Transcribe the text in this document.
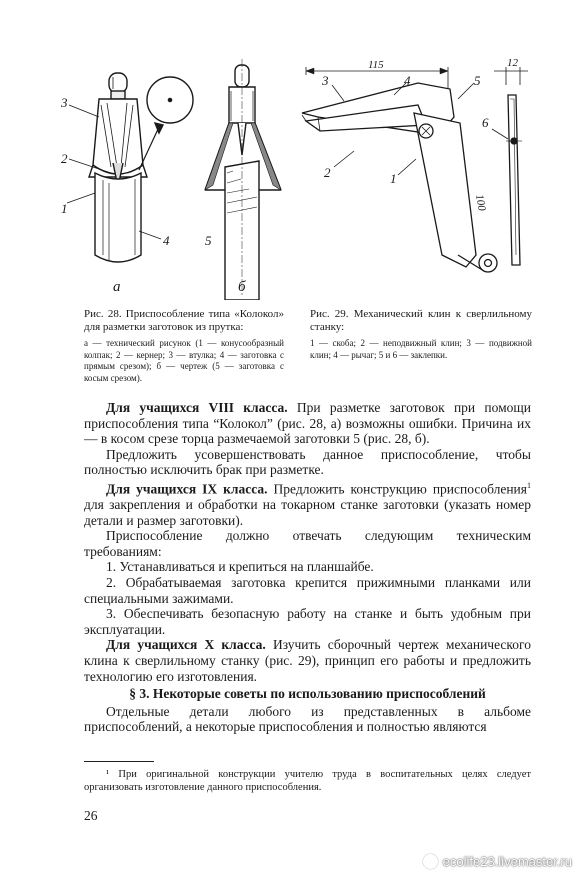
3
2
1
4
а
5
б
115	12
3	4	5
6
2	1
100
Рис. 28. Приспособление типа «Колокол» для разметки заготовок из прутка:
а — технический рисунок (1 — конусообразный колпак; 2 — кернер; 3 — втулка; 4 — заготовка с прямым срезом); б — чертеж (5 — заготовка с косым срезом).
Рис. 29. Механический клин к сверлильному станку:
1 — скоба; 2 — неподвижный клин; 3 — подвижной клин; 4 — рычаг; 5 и 6 — заклепки.

Для учащихся VIII класса. При разметке заготовок при помощи приспособления типа “Колокол” (рис. 28, а) возможны ошибки. Причина их — в косом срезе торца размечаемой заготовки 5 (рис. 28, б).

Предложить усовершенствовать данное приспособление, чтобы полностью исключить брак при разметке.

Для учащихся IX класса. Предложить конструкцию приспособления$^1$ для закрепления и обработки на токарном станке заготовки (указать номер детали и размер заготовки).

Приспособление должно отвечать следующим техническим требованиям:

1. Устанавливаться и крепиться на планшайбе.

2. Обрабатываемая заготовка крепится прижимными планками или специальными зажимами.

3. Обеспечивать безопасную работу на станке и быть удобным при эксплуатации.

Для учащихся X класса. Изучить сборочный чертеж механического клина к сверлильному станку (рис. 29), принцип его работы и предложить технологию его изготовления.

§ 3. Некоторые советы по использованию приспособлений

Отдельные детали любого из представленных в альбоме приспособлений, а некоторые приспособления и полностью являются

¹ При оригинальной конструкции учителю труда в воспитательных целях следует организовать изготовление данного приспособления.
26
ecolife23.livemaster.ru
